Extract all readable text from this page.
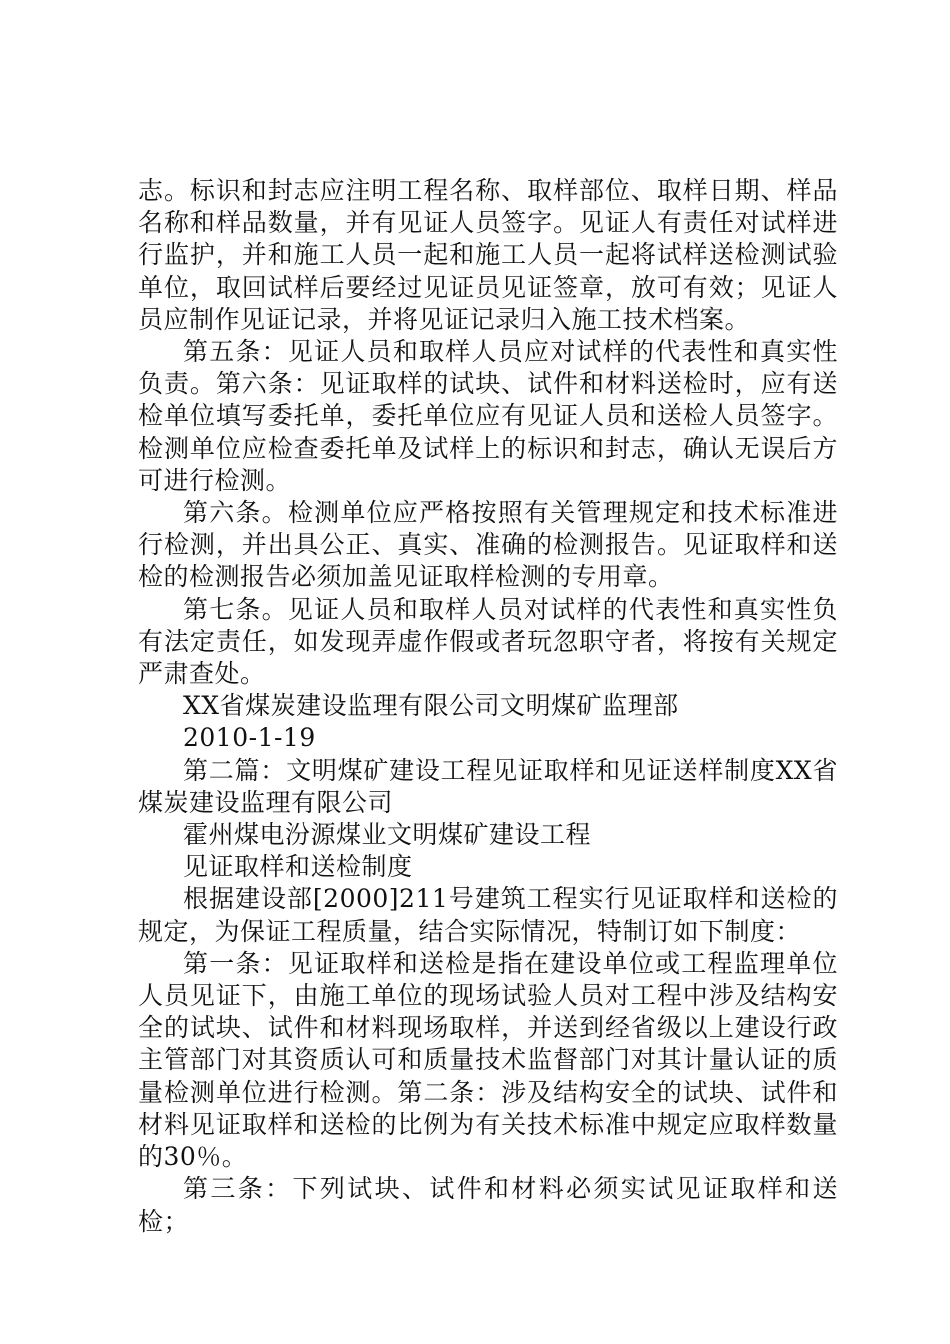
志。标识和封志应注明工程名称、取样部位、取样日期、样品名称和样品数量，并有见证人员签字。见证人有责任对试样进行监护，并和施工人员一起和施工人员一起将试样送检测试验单位，取回试样后要经过见证员见证签章，放可有效；见证人员应制作见证记录，并将见证记录归入施工技术档案。

第五条：见证人员和取样人员应对试样的代表性和真实性负责。第六条：见证取样的试块、试件和材料送检时，应有送检单位填写委托单，委托单位应有见证人员和送检人员签字。检测单位应检查委托单及试样上的标识和封志，确认无误后方可进行检测。

第六条。检测单位应严格按照有关管理规定和技术标准进行检测，并出具公正、真实、准确的检测报告。见证取样和送检的检测报告必须加盖见证取样检测的专用章。

第七条。见证人员和取样人员对试样的代表性和真实性负有法定责任，如发现弄虚作假或者玩忽职守者，将按有关规定严肃查处。

XX省煤炭建设监理有限公司文明煤矿监理部

2010-1-19

第二篇：文明煤矿建设工程见证取样和见证送样制度XX省煤炭建设监理有限公司

霍州煤电汾源煤业文明煤矿建设工程

见证取样和送检制度

根据建设部[2000]211号建筑工程实行见证取样和送检的规定，为保证工程质量，结合实际情况，特制订如下制度：

第一条：见证取样和送检是指在建设单位或工程监理单位人员见证下，由施工单位的现场试验人员对工程中涉及结构安全的试块、试件和材料现场取样，并送到经省级以上建设行政主管部门对其资质认可和质量技术监督部门对其计量认证的质量检测单位进行检测。第二条：涉及结构安全的试块、试件和材料见证取样和送检的比例为有关技术标准中规定应取样数量的30％。

第三条：下列试块、试件和材料必须实试见证取样和送检；
